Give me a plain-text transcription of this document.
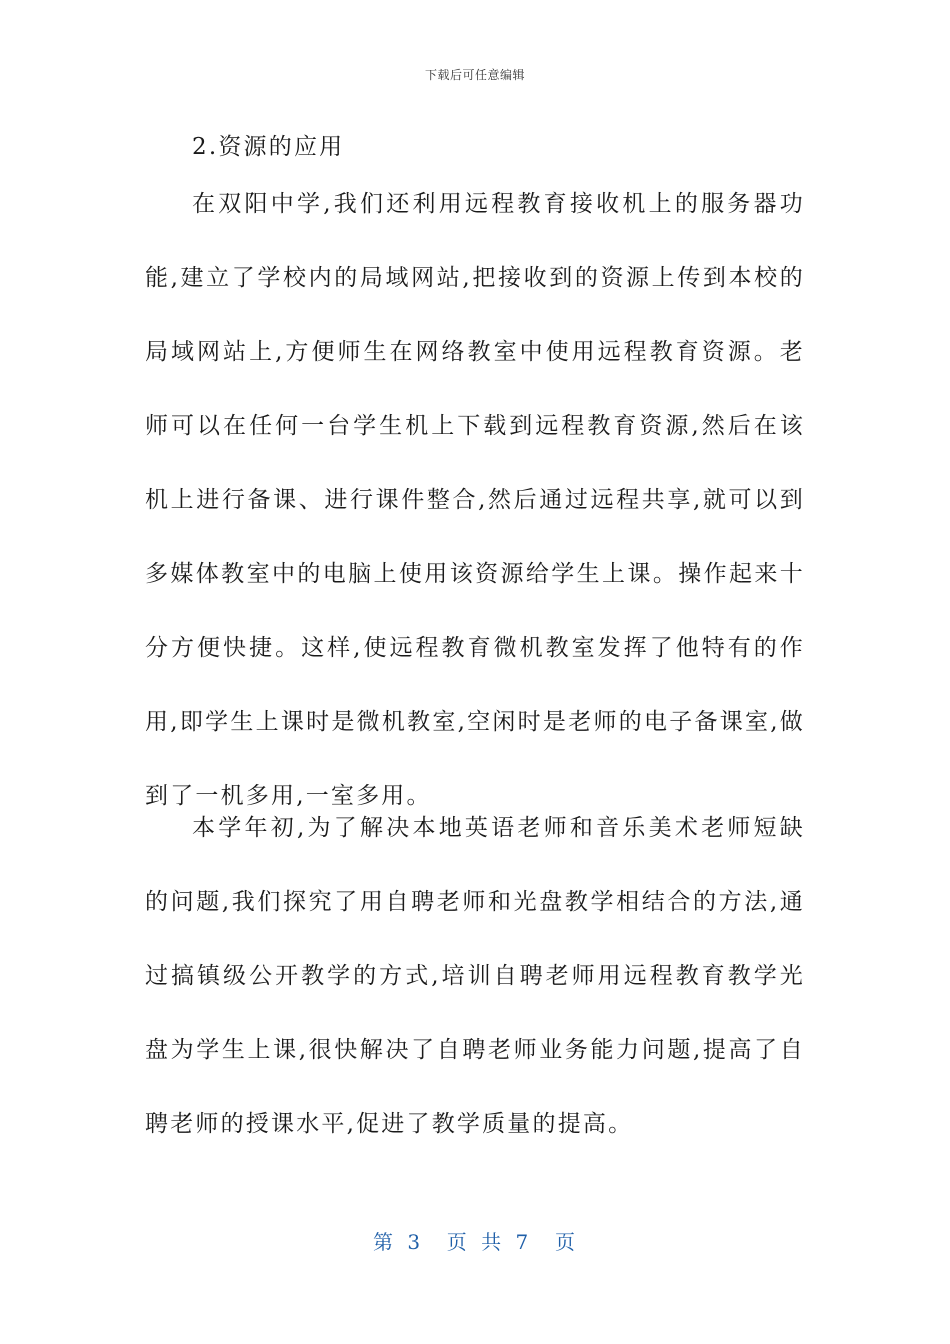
下载后可任意编辑
2.资源的应用

在双阳中学,我们还利用远程教育接收机上的服务器功能,建立了学校内的局域网站,把接收到的资源上传到本校的局域网站上,方便师生在网络教室中使用远程教育资源。老师可以在任何一台学生机上下载到远程教育资源,然后在该机上进行备课、进行课件整合,然后通过远程共享,就可以到多媒体教室中的电脑上使用该资源给学生上课。操作起来十分方便快捷。这样,使远程教育微机教室发挥了他特有的作用,即学生上课时是微机教室,空闲时是老师的电子备课室,做到了一机多用,一室多用。

本学年初,为了解决本地英语老师和音乐美术老师短缺的问题,我们探究了用自聘老师和光盘教学相结合的方法,通过搞镇级公开教学的方式,培训自聘老师用远程教育教学光盘为学生上课,很快解决了自聘老师业务能力问题,提高了自聘老师的授课水平,促进了教学质量的提高。

第 3  页 共 7  页
